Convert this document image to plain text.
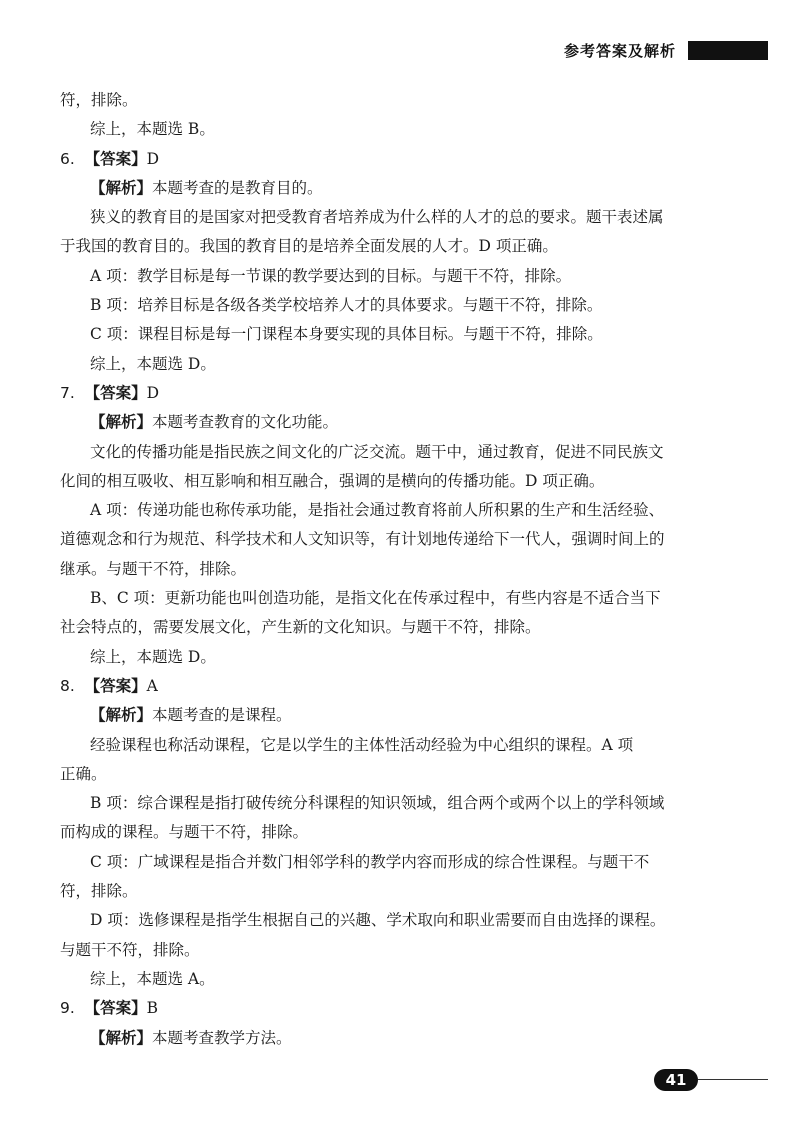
参考答案及解析
符，排除。
综上，本题选 B。
6. 【答案】D
【解析】本题考查的是教育目的。
狭义的教育目的是国家对把受教育者培养成为什么样的人才的总的要求。题干表述属
于我国的教育目的。我国的教育目的是培养全面发展的人才。D 项正确。
A 项：教学目标是每一节课的教学要达到的目标。与题干不符，排除。
B 项：培养目标是各级各类学校培养人才的具体要求。与题干不符，排除。
C 项：课程目标是每一门课程本身要实现的具体目标。与题干不符，排除。
综上，本题选 D。
7. 【答案】D
【解析】本题考查教育的文化功能。
文化的传播功能是指民族之间文化的广泛交流。题干中，通过教育，促进不同民族文
化间的相互吸收、相互影响和相互融合，强调的是横向的传播功能。D 项正确。
A 项：传递功能也称传承功能，是指社会通过教育将前人所积累的生产和生活经验、
道德观念和行为规范、科学技术和人文知识等，有计划地传递给下一代人，强调时间上的
继承。与题干不符，排除。
B、C 项：更新功能也叫创造功能，是指文化在传承过程中，有些内容是不适合当下
社会特点的，需要发展文化，产生新的文化知识。与题干不符，排除。
综上，本题选 D。
8. 【答案】A
【解析】本题考查的是课程。
经验课程也称活动课程，它是以学生的主体性活动经验为中心组织的课程。A 项
正确。
B 项：综合课程是指打破传统分科课程的知识领域，组合两个或两个以上的学科领域
而构成的课程。与题干不符，排除。
C 项：广域课程是指合并数门相邻学科的教学内容而形成的综合性课程。与题干不
符，排除。
D 项：选修课程是指学生根据自己的兴趣、学术取向和职业需要而自由选择的课程。
与题干不符，排除。
综上，本题选 A。
9. 【答案】B
【解析】本题考查教学方法。
41
